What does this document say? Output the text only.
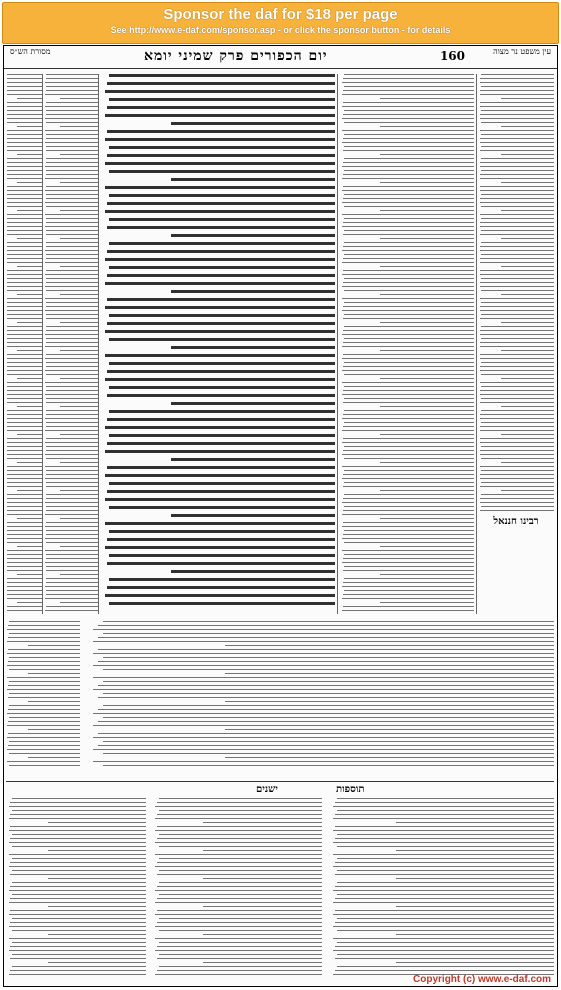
Sponsor the daf for $18 per page
See http://www.e-daf.com/sponsor.asp - or click the sponsor button - for details
מסורת הש״ס	יום הכפורים פרק שמיני יומא	160	עין משפט נר מצוה
רבינו חננאל
ישנים	תוספות
Copyright (c) www.e-daf.com
